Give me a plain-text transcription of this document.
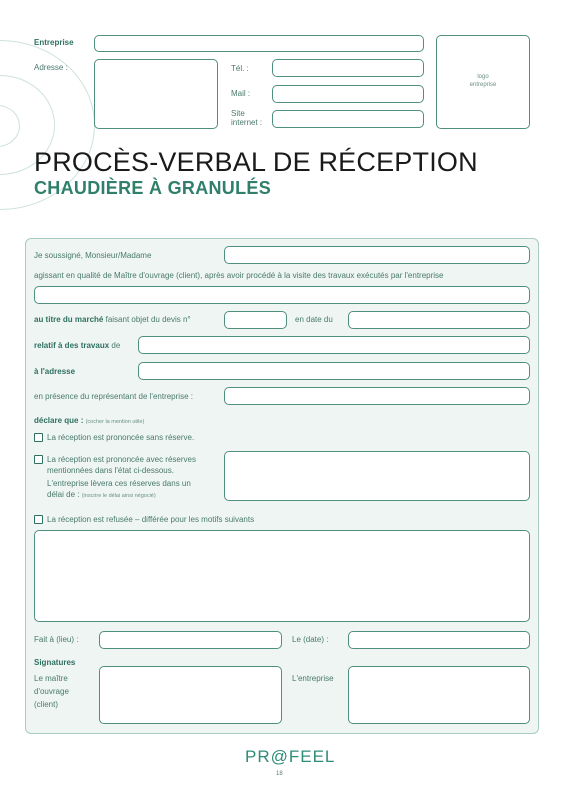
Entreprise
Adresse :	Tél. :
Mail :
Site
internet :
logo
entreprise
PROCÈS-VERBAL DE RÉCEPTION
CHAUDIÈRE À GRANULÉS
Je soussigné, Monsieur/Madame
agissant en qualité de Maître d'ouvrage (client), après avoir procédé à la visite des travaux exécutés par l'entreprise
au titre du marché faisant objet du devis n°	en date du
relatif à des travaux de
à l'adresse
en présence du représentant de l'entreprise :
déclare que : (cocher la mention utile)
La réception est prononcée sans réserve.
La réception est prononcée avec réserves
mentionnées dans l'état ci-dessous.
L'entreprise lèvera ces réserves dans un
délai de : (inscrire le délai ainsi négocié)
La réception est refusée – différée pour les motifs suivants
Fait à (lieu) :	Le (date) :
Signatures
Le maître
d'ouvrage
(client)
L'entreprise
PR@FEEL
18
